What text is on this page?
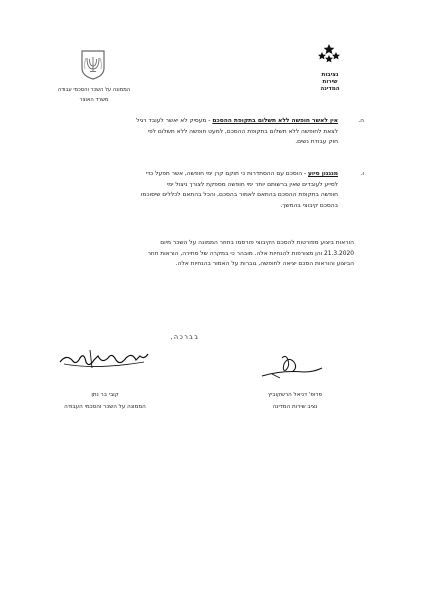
הממונה על השכר והסכמי עבודה
משרד האוצר
נציבות
שירות
המדינה
ה.
אין לאשר חופשה ללא תשלום בתקופת ההסכם - מעסיק לא יאשר לעובד רגיל
לצאת לחופשה ללא תשלום בתקופת ההסכם, למעט חופשה ללא תשלום לפי
חוק עבודת נשים.
ו.
מנגנון סיוע - הוסכם עם ההסתדרות כי תוקם קרן ימי חופשה, אשר תפעל כדי
לסייע לעובדים שאין ברשותם יותר ימי חופשה מספקת לצורך ניצול ימי
חופשה בתקופת ההסכם בהתאם לאמור בהסכם, והכל בהתאם לכללים שיסוכמו
בהסכם קיבוצי בהמשך.
הוראות ביצוע מפורטות להסכם הקיבוצי פורסמו בחוזר הממונה על השכר מיום
21.3.2020 והן מצורפות להנחיות אלה. מובהר כי במקרה של סתירה, הוראות חוזר
הביצוע והוראות הסכם יציאה לחופשה, גוברות על האמור בהנחיות אלה.
בברכה,
קובי בר נתן
הממונה על השכר והסכמי העבודה
פרופ' דניאל הרשקוביץ
נציב שירות המדינה
